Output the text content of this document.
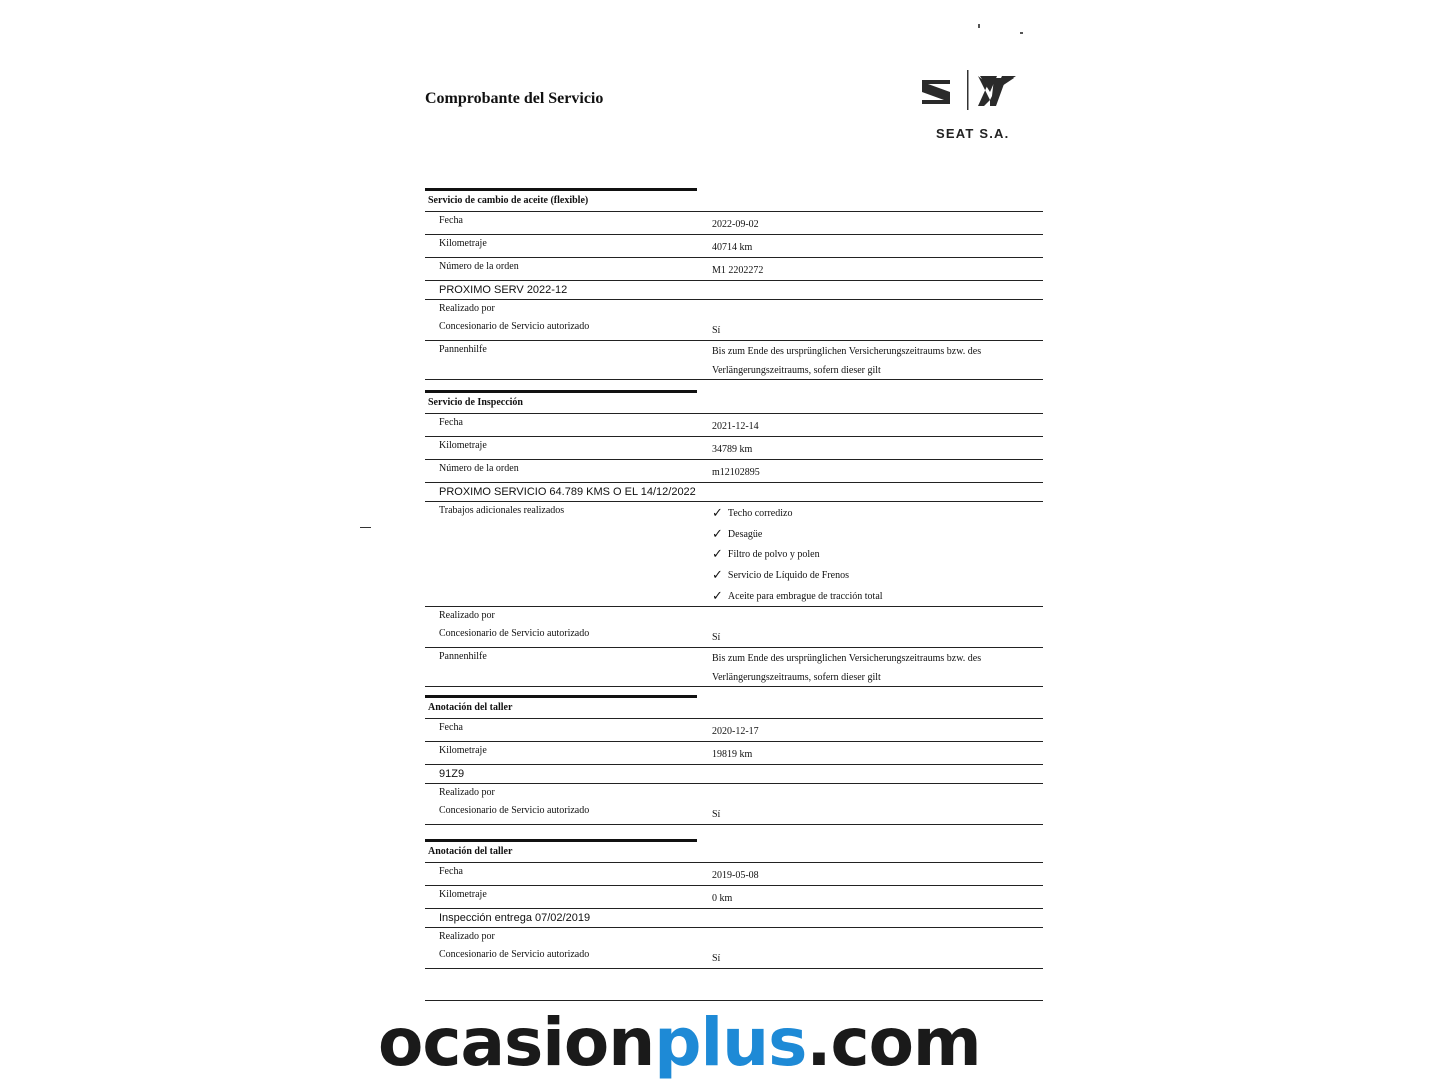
Comprobante del Servicio
SEAT S.A.
Servicio de cambio de aceite (flexible)
Fecha	2022-09-02
Kilometraje	40714 km
Número de la orden	M1 2202272
PROXIMO SERV 2022-12
Realizado por
Concesionario de Servicio autorizado	Sí
Pannenhilfe	Bis zum Ende des ursprünglichen Versicherungszeitraums bzw. des Verlängerungszeitraums, sofern dieser gilt
Servicio de Inspección
Fecha	2021-12-14
Kilometraje	34789 km
Número de la orden	m12102895
PROXIMO SERVICIO 64.789 KMS O EL 14/12/2022
Trabajos adicionales realizados	✓ Techo corredizo
✓ Desagüe
✓ Filtro de polvo y polen
✓ Servicio de Líquido de Frenos
✓ Aceite para embrague de tracción total
Realizado por
Concesionario de Servicio autorizado	Sí
Pannenhilfe	Bis zum Ende des ursprünglichen Versicherungszeitraums bzw. des Verlängerungszeitraums, sofern dieser gilt
Anotación del taller
Fecha	2020-12-17
Kilometraje	19819 km
91Z9
Realizado por
Concesionario de Servicio autorizado	Sí
Anotación del taller
Fecha	2019-05-08
Kilometraje	0 km
Inspección entrega 07/02/2019
Realizado por
Concesionario de Servicio autorizado	Sí
ocasionplus.com
